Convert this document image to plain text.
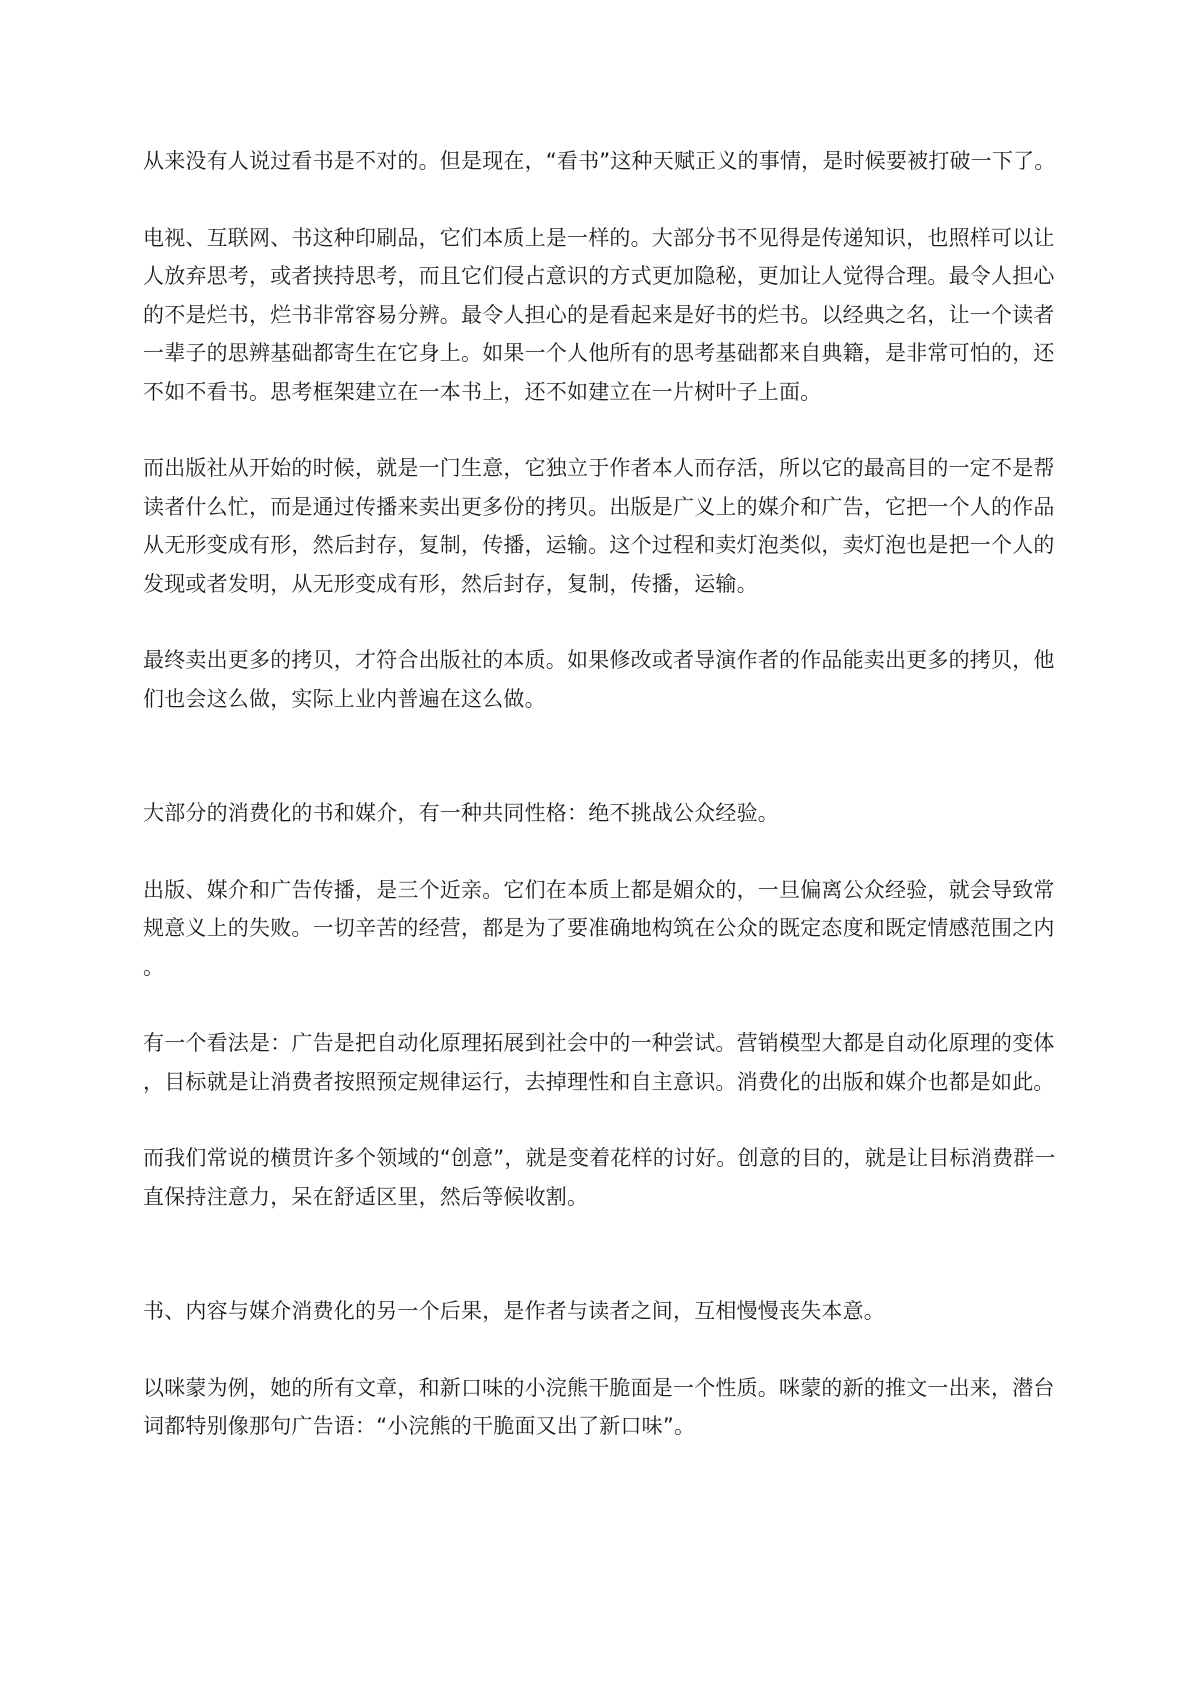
从来没有人说过看书是不对的。但是现在，“看书”这种天赋正义的事情，是时候要被打破一下了。

电视、互联网、书这种印刷品，它们本质上是一样的。大部分书不见得是传递知识，也照样可以让人放弃思考，或者挟持思考，而且它们侵占意识的方式更加隐秘，更加让人觉得合理。最令人担心的不是烂书，烂书非常容易分辨。最令人担心的是看起来是好书的烂书。以经典之名，让一个读者一辈子的思辨基础都寄生在它身上。如果一个人他所有的思考基础都来自典籍，是非常可怕的，还不如不看书。思考框架建立在一本书上，还不如建立在一片树叶子上面。

而出版社从开始的时候，就是一门生意，它独立于作者本人而存活，所以它的最高目的一定不是帮读者什么忙，而是通过传播来卖出更多份的拷贝。出版是广义上的媒介和广告，它把一个人的作品从无形变成有形，然后封存，复制，传播，运输。这个过程和卖灯泡类似，卖灯泡也是把一个人的发现或者发明，从无形变成有形，然后封存，复制，传播，运输。

最终卖出更多的拷贝，才符合出版社的本质。如果修改或者导演作者的作品能卖出更多的拷贝，他们也会这么做，实际上业内普遍在这么做。

大部分的消费化的书和媒介，有一种共同性格：绝不挑战公众经验。

出版、媒介和广告传播，是三个近亲。它们在本质上都是媚众的，一旦偏离公众经验，就会导致常规意义上的失败。一切辛苦的经营，都是为了要准确地构筑在公众的既定态度和既定情感范围之内。

有一个看法是：广告是把自动化原理拓展到社会中的一种尝试。营销模型大都是自动化原理的变体，目标就是让消费者按照预定规律运行，去掉理性和自主意识。消费化的出版和媒介也都是如此。

而我们常说的横贯许多个领域的“创意”，就是变着花样的讨好。创意的目的，就是让目标消费群一直保持注意力，呆在舒适区里，然后等候收割。

书、内容与媒介消费化的另一个后果，是作者与读者之间，互相慢慢丧失本意。

以咪蒙为例，她的所有文章，和新口味的小浣熊干脆面是一个性质。咪蒙的新的推文一出来，潜台词都特别像那句广告语：“小浣熊的干脆面又出了新口味”。
